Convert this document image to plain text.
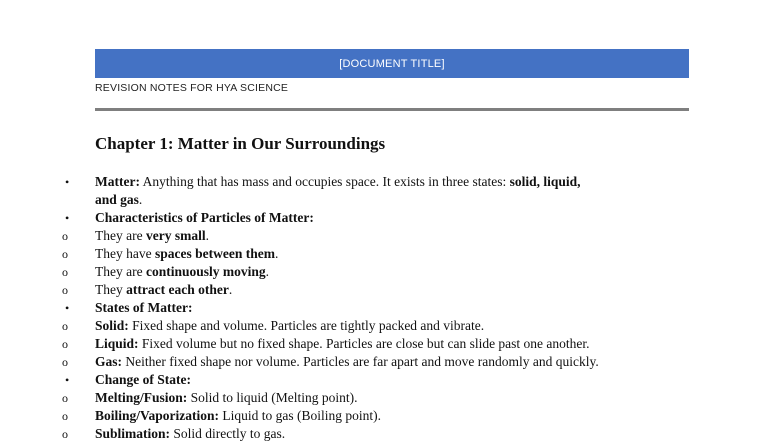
[DOCUMENT TITLE]
REVISION NOTES FOR HYA SCIENCE
Chapter 1: Matter in Our Surroundings
•	Matter: Anything that has mass and occupies space. It exists in three states: solid, liquid,
and gas.
•	Characteristics of Particles of Matter:
o	They are very small.
o	They have spaces between them.
o	They are continuously moving.
o	They attract each other.
•	States of Matter:
o	Solid: Fixed shape and volume. Particles are tightly packed and vibrate.
o	Liquid: Fixed volume but no fixed shape. Particles are close but can slide past one another.
o	Gas: Neither fixed shape nor volume. Particles are far apart and move randomly and quickly.
•	Change of State:
o	Melting/Fusion: Solid to liquid (Melting point).
o	Boiling/Vaporization: Liquid to gas (Boiling point).
o	Sublimation: Solid directly to gas.
